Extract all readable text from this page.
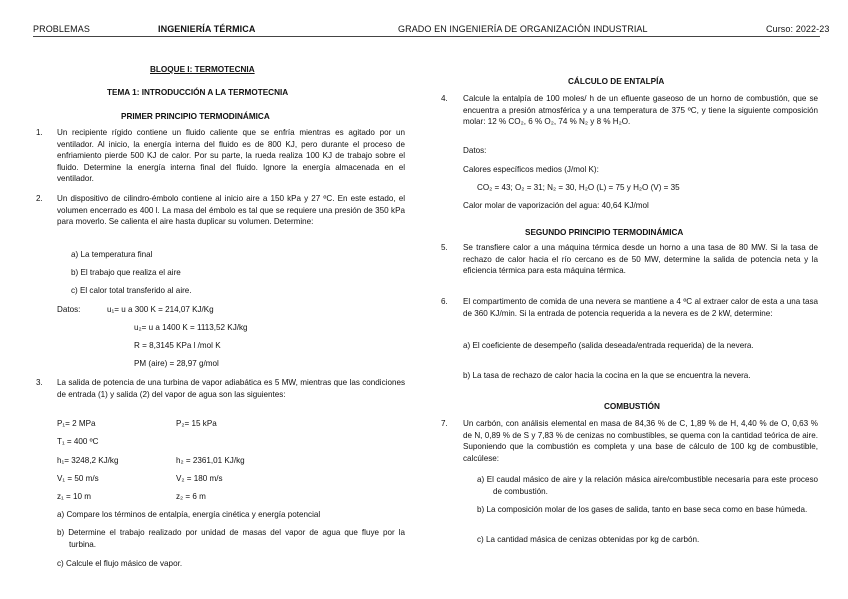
PROBLEMAS	INGENIERÍA TÉRMICA	GRADO EN INGENIERÍA DE ORGANIZACIÓN INDUSTRIAL	Curso: 2022-23
BLOQUE I: TERMOTECNIA
TEMA 1: INTRODUCCIÓN A LA TERMOTECNIA
PRIMER PRINCIPIO TERMODINÁMICA
1. Un recipiente rígido contiene un fluido caliente que se enfría mientras es agitado por un ventilador. Al inicio, la energía interna del fluido es de 800 KJ, pero durante el proceso de enfriamiento pierde 500 KJ de calor. Por su parte, la rueda realiza 100 KJ de trabajo sobre el fluido. Determine la energía interna final del fluido. Ignore la energía almacenada en el ventilador.
2. Un dispositivo de cilindro-émbolo contiene al inicio aire a 150 kPa y 27 ºC. En este estado, el volumen encerrado es 400 l. La masa del émbolo es tal que se requiere una presión de 350 kPa para moverlo. Se calienta el aire hasta duplicar su volumen. Determine:
a) La temperatura final
b) El trabajo que realiza el aire
c) El calor total transferido al aire.
Datos:	u₁= u a 300 K = 214,07 KJ/Kg
u₂= u a 1400 K = 1113,52 KJ/kg
R = 8,3145 KPa l /mol K
PM (aire) = 28,97 g/mol
3. La salida de potencia de una turbina de vapor adiabática es 5 MW, mientras que las condiciones de entrada (1) y salida (2) del vapor de agua son las siguientes:
P₁= 2 MPa	P₂= 15 kPa
T₁ = 400 ºC
h₁= 3248,2 KJ/kg	h₂ = 2361,01 KJ/kg
V₁ = 50 m/s	V₂ = 180 m/s
z₁ = 10 m	z₂ = 6 m
a) Compare los términos de entalpía, energía cinética y energía potencial
b) Determine el trabajo realizado por unidad de masas del vapor de agua que fluye por la turbina.
c) Calcule el flujo másico de vapor.
CÁLCULO DE ENTALPÍA
4. Calcule la entalpía de 100 moles/ h de un efluente gaseoso de un horno de combustión, que se encuentra a presión atmosférica y a una temperatura de 375 ºC, y tiene la siguiente composición molar: 12 % CO₂, 6 % O₂, 74 % N₂ y 8 % H₂O.
Datos:
Calores específicos medios (J/mol K):
CO₂ = 43; O₂ = 31; N₂ = 30, H₂O (L) = 75 y H₂O (V) = 35
Calor molar de vaporización del agua: 40,64 KJ/mol
SEGUNDO PRINCIPIO TERMODINÁMICA
5. Se transfiere calor a una máquina térmica desde un horno a una tasa de 80 MW. Si la tasa de rechazo de calor hacia el río cercano es de 50 MW, determine la salida de potencia neta y la eficiencia térmica para esta máquina térmica.
6. El compartimento de comida de una nevera se mantiene a 4 ºC al extraer calor de esta a una tasa de 360 KJ/min. Si la entrada de potencia requerida a la nevera es de 2 kW, determine:
a) El coeficiente de desempeño (salida deseada/entrada requerida) de la nevera.
b) La tasa de rechazo de calor hacia la cocina en la que se encuentra la nevera.
COMBUSTIÓN
7. Un carbón, con análisis elemental en masa de 84,36 % de C, 1,89 % de H, 4,40 % de O, 0,63 % de N, 0,89 % de S y 7,83 % de cenizas no combustibles, se quema con la cantidad teórica de aire. Suponiendo que la combustión es completa y una base de cálculo de 100 kg de combustible, calcúlese:
a) El caudal másico de aire y la relación másica aire/combustible necesaria para este proceso de combustión.
b) La composición molar de los gases de salida, tanto en base seca como en base húmeda.
c) La cantidad másica de cenizas obtenidas por kg de carbón.
